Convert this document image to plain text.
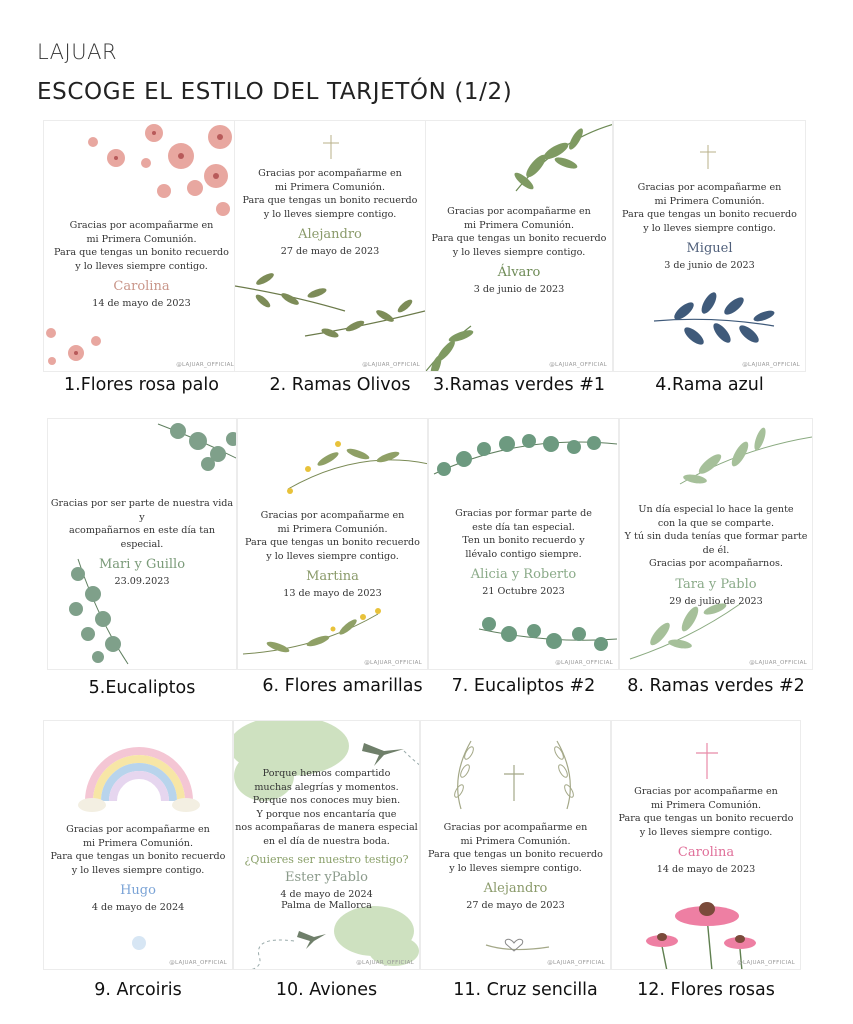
LAJUAR
ESCOGE EL ESTILO DEL TARJETÓN (1/2)
Gracias por acompañarme en
mi Primera Comunión.
Para que tengas un bonito recuerdo
y lo lleves siempre contigo.
Carolina
14 de mayo de 2023
@LAJUAR_OFFICIAL
1.Flores rosa palo
Gracias por acompañarme en
mi Primera Comunión.
Para que tengas un bonito recuerdo
y lo lleves siempre contigo.
Alejandro
27 de mayo de 2023
@LAJUAR_OFFICIAL
2. Ramas Olivos
Gracias por acompañarme en
mi Primera Comunión.
Para que tengas un bonito recuerdo
y lo lleves siempre contigo.
Álvaro
3 de junio de 2023
@LAJUAR_OFFICIAL
3.Ramas verdes #1
Gracias por acompañarme en
mi Primera Comunión.
Para que tengas un bonito recuerdo
y lo lleves siempre contigo.
Miguel
3 de junio de 2023
@LAJUAR_OFFICIAL
4.Rama azul
Gracias por ser parte de nuestra vida y
acompañarnos en este día tan especial.
Mari y Guillo
23.09.2023
5.Eucaliptos
Gracias por acompañarme en
mi Primera Comunión.
Para que tengas un bonito recuerdo
y lo lleves siempre contigo.
Martina
13 de mayo de 2023
@LAJUAR_OFFICIAL
6. Flores amarillas
Gracias por formar parte de
este día tan especial.
Ten un bonito recuerdo y
llévalo contigo siempre.
Alicia y Roberto
21 Octubre 2023
@LAJUAR_OFFICIAL
7. Eucaliptos #2
Un día especial lo hace la gente
con la que se comparte.
Y tú sin duda tenías que formar parte de él.
Gracias por acompañarnos.
Tara y Pablo
29 de julio de 2023
@LAJUAR_OFFICIAL
8. Ramas verdes #2
Gracias por acompañarme en
mi Primera Comunión.
Para que tengas un bonito recuerdo
y lo lleves siempre contigo.
Hugo
4 de mayo de 2024
@LAJUAR_OFFICIAL
9. Arcoiris
Porque hemos compartido
muchas alegrías y momentos.
Porque nos conoces muy bien.
Y porque nos encantaría que
nos acompañaras de manera especial
en el día de nuestra boda.
¿Quieres ser nuestro testigo?
Ester yPablo
4 de mayo de 2024
Palma de Mallorca
@LAJUAR_OFFICIAL
10. Aviones
Gracias por acompañarme en
mi Primera Comunión.
Para que tengas un bonito recuerdo
y lo lleves siempre contigo.
Alejandro
27 de mayo de 2023
@LAJUAR_OFFICIAL
11. Cruz sencilla
Gracias por acompañarme en
mi Primera Comunión.
Para que tengas un bonito recuerdo
y lo lleves siempre contigo.
Carolina
14 de mayo de 2023
@LAJUAR_OFFICIAL
12. Flores rosas
